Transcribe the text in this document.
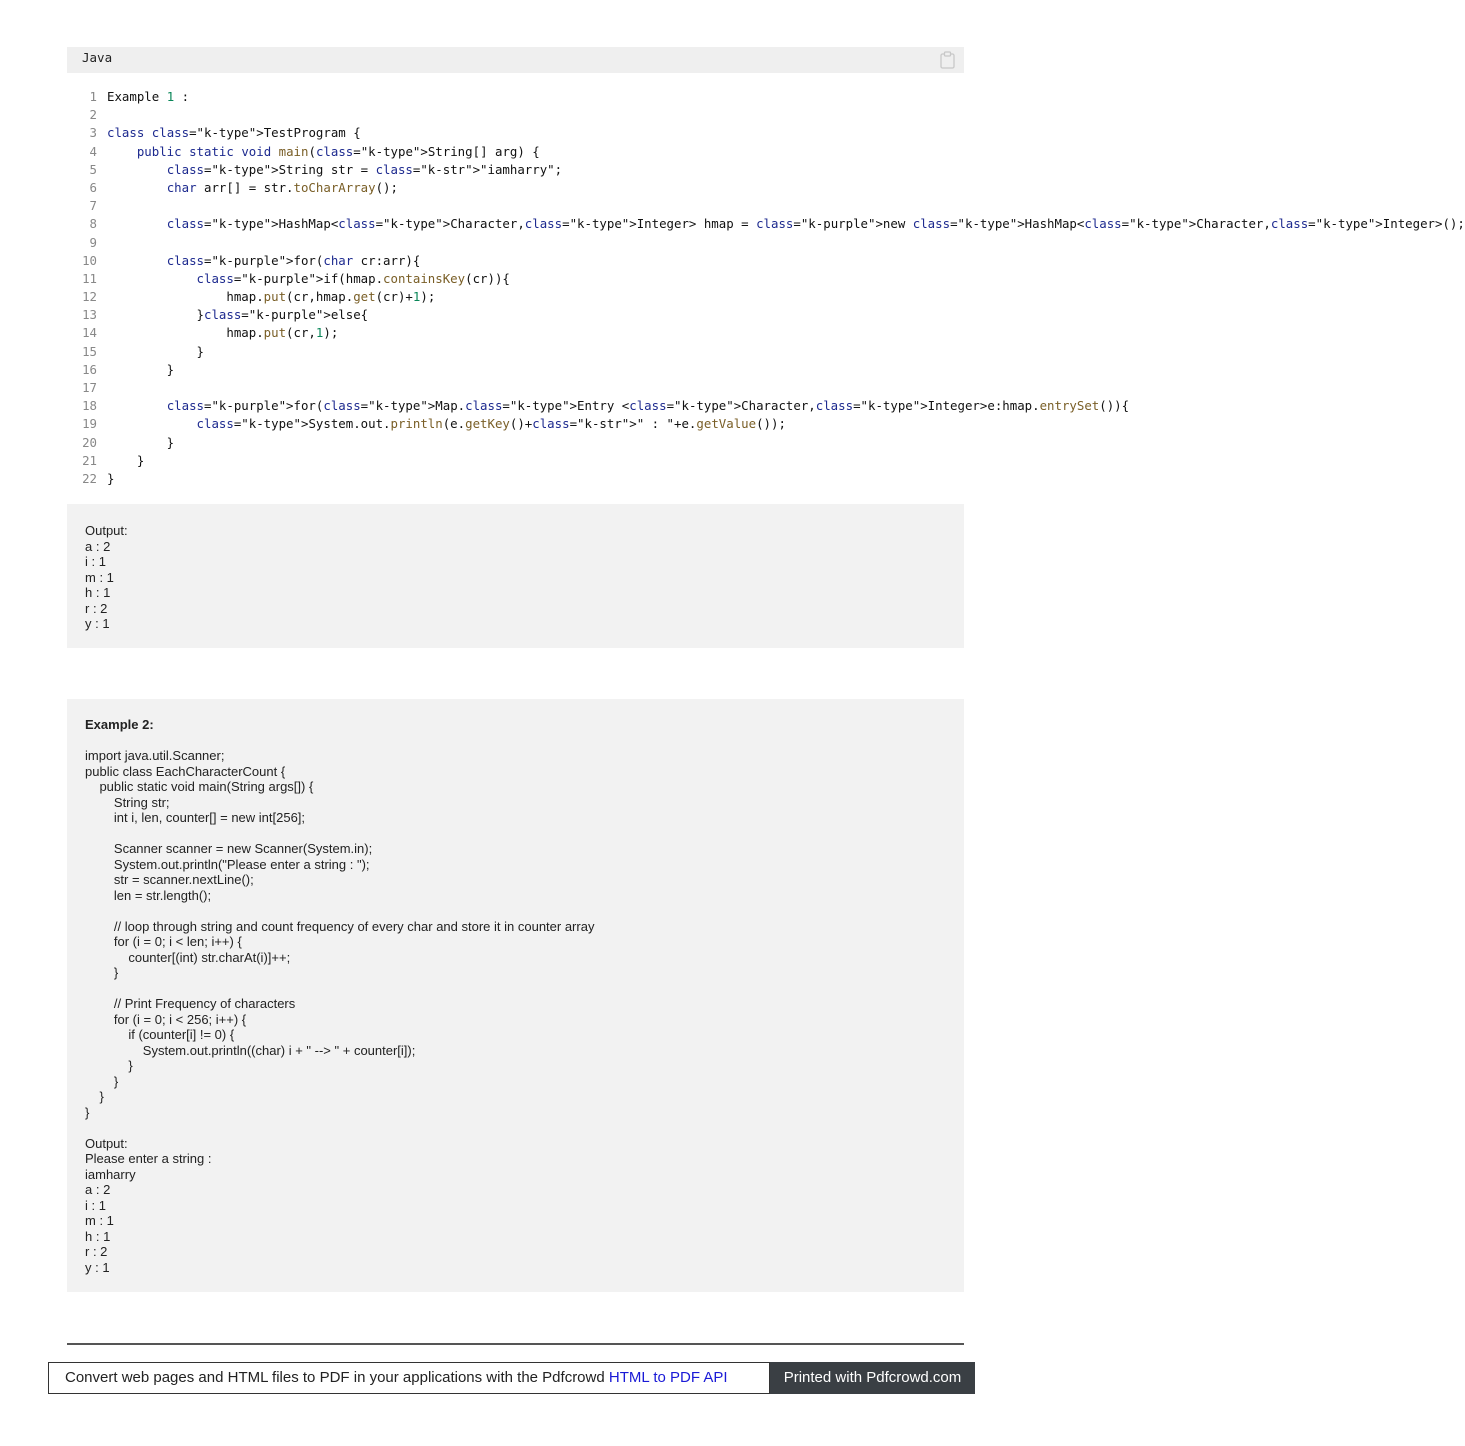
Java
1 Example 1 :
2
3 class class="k-type">TestProgram {
4	public static void main(class="k-type">String[] arg) {
5	class="k-type">String str = class="k-str">"iamharry";
6	char arr[] = str.toCharArray();
7
8	class="k-type">HashMap<class="k-type">Character,class="k-type">Integer> hmap = class="k-purple">new class="k-type">HashMap<class="k-type">Character,class="k-type">Integer>();
9
10	class="k-purple">for(char cr:arr){
11	class="k-purple">if(hmap.containsKey(cr)){
12 hmap.put(cr,hmap.get(cr)+1);
13 }class="k-purple">else{
14 hmap.put(cr,1);
15 }
16 }
17
18	class="k-purple">for(class="k-type">Map.class="k-type">Entry <class="k-type">Character,class="k-type">Integer>e:hmap.entrySet()){
19	class="k-type">System.out.println(e.getKey()+class="k-str">" : "+e.getValue());
20 }
21 }
22 }
Output:
a : 2
i : 1
m : 1
h : 1
r : 2
y : 1
Example 2:
import java.util.Scanner;
public class EachCharacterCount {
public static void main(String args[]) {
String str;
int i, len, counter[] = new int[256];
Scanner scanner = new Scanner(System.in);
System.out.println("Please enter a string : ");
str = scanner.nextLine();
len = str.length();
// loop through string and count frequency of every char and store it in counter array
for (i = 0; i < len; i++) {
counter[(int) str.charAt(i)]++;
}
// Print Frequency of characters
for (i = 0; i < 256; i++) {
if (counter[i] != 0) {
System.out.println((char) i + " --> " + counter[i]);
}
}
}
}
Output:
Please enter a string :
iamharry
a : 2
i : 1
m : 1
h : 1
r : 2
y : 1
Convert web pages and HTML files to PDF in your applications with the Pdfcrowd HTML to PDF API	Printed with Pdfcrowd.com
